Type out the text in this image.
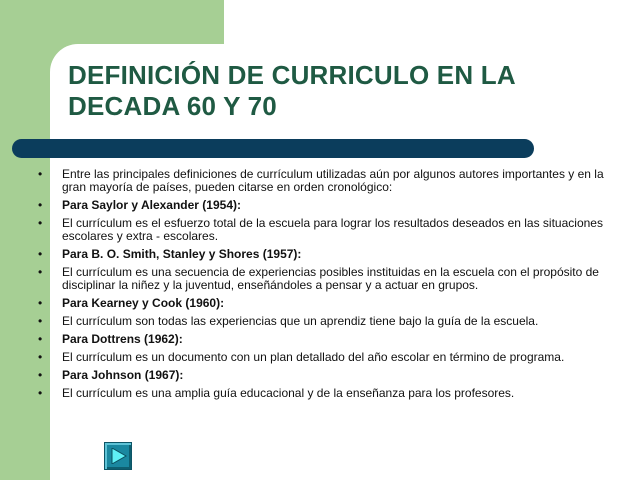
DEFINICIÓN DE CURRICULO EN LA DECADA 60 Y 70
• Entre las principales definiciones de currículum utilizadas aún por algunos autores importantes y en la gran mayoría de países, pueden citarse en orden cronológico:
• Para Saylor y Alexander (1954):
• El currículum es el esfuerzo total de la escuela para lograr los resultados deseados en las situaciones escolares y extra - escolares.
• Para B. O. Smith, Stanley y Shores (1957):
• El currículum es una secuencia de experiencias posibles instituidas en la escuela con el propósito de disciplinar la niñez y la juventud, enseñándoles a pensar y a actuar en grupos.
• Para Kearney y Cook (1960):
• El currículum son todas las experiencias que un aprendiz tiene bajo la guía de la escuela.
• Para Dottrens (1962):
• El currículum es un documento con un plan detallado del año escolar en término de programa.
• Para Johnson (1967):
• El currículum es una amplia guía educacional y de la enseñanza para los profesores.
